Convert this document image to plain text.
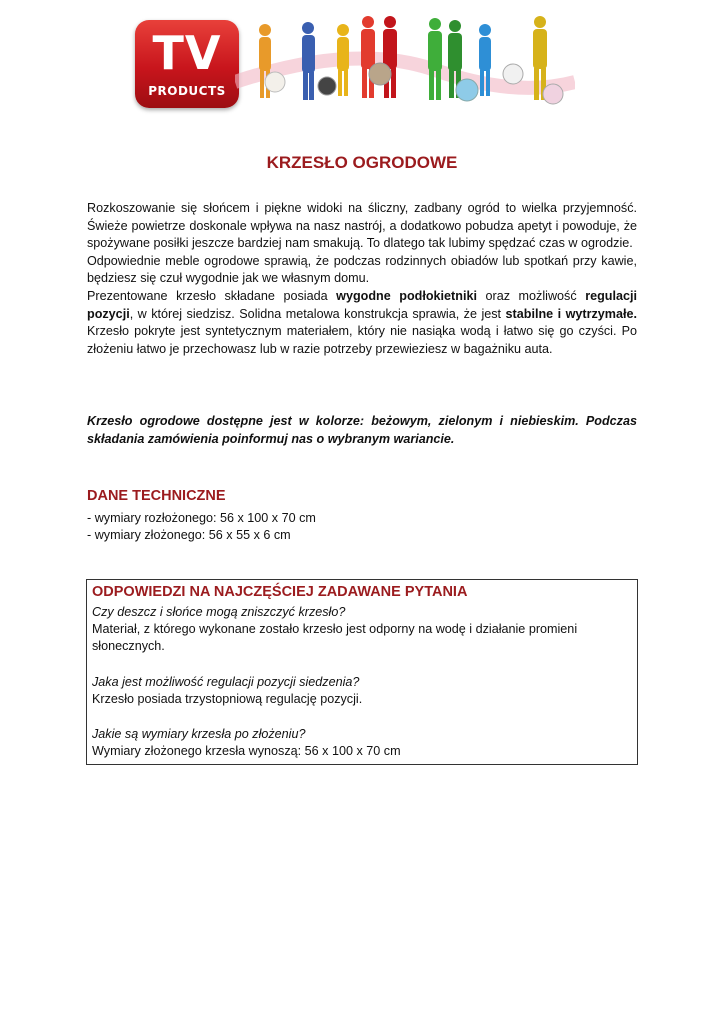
TV
PRODUCTS
KRZESŁO OGRODOWE

Rozkoszowanie się słońcem i piękne widoki na śliczny, zadbany ogród to wielka przyjemność. Świeże powietrze doskonale wpływa na nasz nastrój, a dodatkowo pobudza apetyt i powoduje, że spożywane posiłki jeszcze bardziej nam smakują. To dlatego tak lubimy spędzać czas w ogrodzie.

Odpowiednie meble ogrodowe sprawią, że podczas rodzinnych obiadów lub spotkań przy kawie, będziesz się czuł wygodnie jak we własnym domu.

Prezentowane krzesło składane posiada wygodne podłokietniki oraz możliwość regulacji pozycji, w której siedzisz. Solidna metalowa konstrukcja sprawia, że jest stabilne i wytrzymałe. Krzesło pokryte jest syntetycznym materiałem, który nie nasiąka wodą i łatwo się go czyści. Po złożeniu łatwo je przechowasz lub w razie potrzeby przewieziesz w bagażniku auta.

Krzesło ogrodowe dostępne jest w kolorze: beżowym, zielonym i niebieskim. Podczas składania zamówienia poinformuj nas o wybranym wariancie.
DANE TECHNICZNE
- wymiary rozłożonego: 56 x 100 x 70 cm
- wymiary złożonego: 56 x 55 x 6 cm
ODPOWIEDZI NA NAJCZĘŚCIEJ ZADAWANE PYTANIA
Czy deszcz i słońce mogą zniszczyć krzesło?
Materiał, z którego wykonane zostało krzesło jest odporny na wodę i działanie promieni słonecznych.
Jaka jest możliwość regulacji pozycji siedzenia?
Krzesło posiada trzystopniową regulację pozycji.
Jakie są wymiary krzesła po złożeniu?
Wymiary złożonego krzesła wynoszą: 56 x 100 x 70 cm
